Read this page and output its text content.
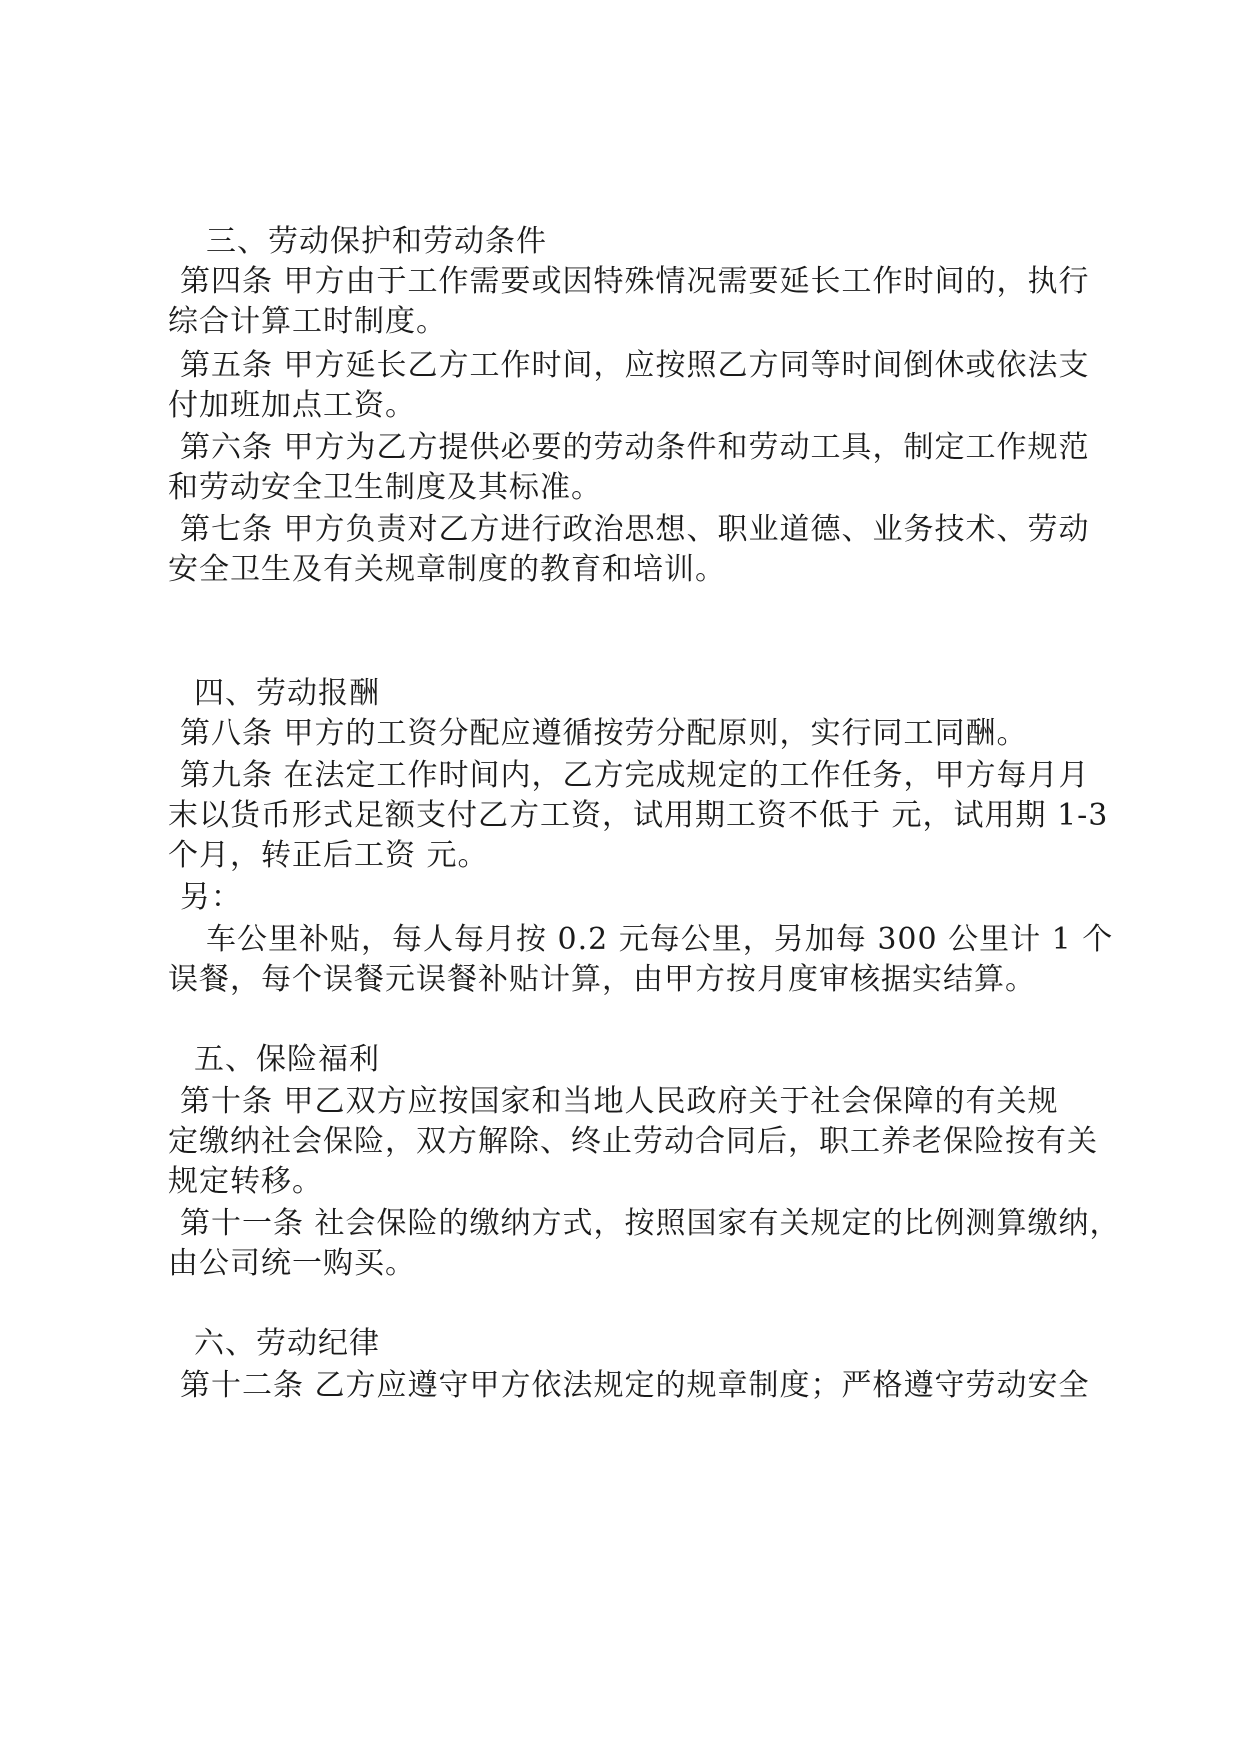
三、劳动保护和劳动条件
第四条 甲方由于工作需要或因特殊情况需要延长工作时间的，执行
综合计算工时制度。
第五条 甲方延长乙方工作时间，应按照乙方同等时间倒休或依法支
付加班加点工资。
第六条 甲方为乙方提供必要的劳动条件和劳动工具，制定工作规范
和劳动安全卫生制度及其标准。
第七条 甲方负责对乙方进行政治思想、职业道德、业务技术、劳动
安全卫生及有关规章制度的教育和培训。
四、劳动报酬
第八条 甲方的工资分配应遵循按劳分配原则，实行同工同酬。
第九条 在法定工作时间内，乙方完成规定的工作任务，甲方每月月
末以货币形式足额支付乙方工资，试用期工资不低于 元，试用期 1-3
个月，转正后工资 元。
另：
车公里补贴，每人每月按 0.2 元每公里，另加每 300 公里计 1 个
误餐，每个误餐元误餐补贴计算，由甲方按月度审核据实结算。
五、保险福利
第十条 甲乙双方应按国家和当地人民政府关于社会保障的有关规
定缴纳社会保险，双方解除、终止劳动合同后，职工养老保险按有关
规定转移。
第十一条 社会保险的缴纳方式，按照国家有关规定的比例测算缴纳，
由公司统一购买。
六、劳动纪律
第十二条 乙方应遵守甲方依法规定的规章制度；严格遵守劳动安全
